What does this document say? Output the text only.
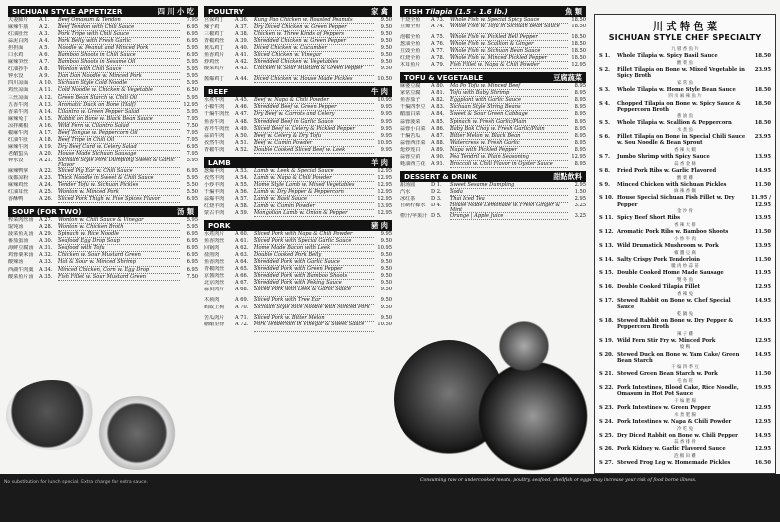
SICHUAN STYLE APPETIZER	四 川 小 吃
夫妻肺片	A 1.	Beef Omasum & Tendon	7.95
麻辣牛筋	A 2.	Beef Tendon with Chili Sauce	6.95
红油肚丝	A 3.	Pork Tripe with Chili Sauce	6.95
蒜泥白肉	A 4.	Pork Belly with Fresh Garlic	6.95
担担面	A 5.	Noodle w. Peanut and Minced Pork	5.95
口水鸡	A 6.	Bamboo Shoots in Chili Sauce	6.95
麻辣笋丝	A 7.	Bamboo Shoots in Sesame Oil	5.95
红油抄手	A 8.	Wonton with Chili Sauce	5.95
钟水饺	A 9.	Dan Dan Noodle w. Minced Pork	5.95
四川凉面	A 10.	Sichuan Style Cold Noodle	5.95
鸡丝凉面	A 11.	Cold Noodle w. Chicken & Vegetable	6.50
三丝凉面	A 12.	Green Bean Starch w. Chili Oil	5.95
五香牛肉	A 13.	Aromatic Duck on Bone (Half)	12.95
香菜牛肉	A 14.	Cilantro w. Green Pepper Salad	5.95
麻辣兔丁	A 15.	Rabbit on Bone w. Black Bean Sauce	7.95
凉拌蕨根	A 16.	Wild Fern w. Cilantro Salad	7.50
椒麻牛肉	A 17.	Beef Tongue w. Peppercorn Oil	7.95
红油牛肚	A 18.	Beef Tripe in Chili Oil	7.95
麻辣牛肉	A 19.	Dry Beef Curd w. Celery Salad	6.95
老醋蜇头	A 20.	House Made Sichuan Sausage	7.95
钟水饺	A 21.	Sichuan Style Pork Dumpling Sweet & Garlic Flavor
5.95
麻辣鸭掌	A 22.	Sliced Pig Ear w. Chili Sauce	6.95
成都凉粉	A 23.	Thick Noodle in Sweet & Chili Sauce	5.95
麻辣鸡丝	A 24.	Tender Tofu w. Sichuan Pickles	5.50
红油耳丝	A 25.	Wonton w. Minced Pork	5.50
香酥鸭	A 26.	Sliced Pork Thigh w. Five Spices Flavor	6.95
SOUP (FOR TWO)	汤 類
榨菜肉丝汤	A 27.	Wonton w. Chili Sauce & Vinegar	5.95
馄饨汤	A 28.	Wonton w. Chicken Broth	5.95
菠菜鱼丸汤	A 29.	Spinach w. Rice Noodle	6.95
番茄蛋汤	A 30.	Seafood Egg Drop Soup	6.95
海鲜豆腐汤	A 31.	Seafood with Tofu	6.95
鸡蓉粟米汤	A 32.	Chicken w. Sour Mustard Green	6.95
酸辣汤	A 33.	Hot & Sour w. Minced Shrimp	6.95
西湖牛肉羹	A 34.	Minced Chicken, Corn w. Egg Drop	6.95
酸菜鱼片汤	A 35.	Fish Fillet w. Sour Mustard Green	7.50
POULTRY	家 禽
宫保鸡丁	A 36.	Kung Pao Chicken w. Roasted Peanuts	9.50
辣子鸡	A 37.	Dry Diced Chicken w. Green Pepper	9.50
三椒鸡丁	A 38.	Chicken w. Three Kinds of Peppers	9.50
青椒鸡丝	A 39.	Shredded Chicken w. Green Pepper	9.50
黄瓜鸡丁	A 40.	Diced Chicken w. Cucumber	9.50
鱼香鸡片	A 41.	Sliced Chicken w. Vinegar	9.50
炒鸡丝	A 42.	Shredded Chicken w. Vegetables	9.50
酸菜鸡片	A 43.	Chicken w. Sour Mustard & Green Pepper	9.50
酱爆鸡丁	A 44.	Diced Chicken w. House Made Pickles	10.50
BEEF	牛 肉
水煮牛肉	A 45.	Beef w. Napa & Chili Powder	10.95
小椒牛肉	A 46.	Shredded Beef w. Green Pepper	9.95
干煸牛肉丝	A 47.	Dry Beef w. Carrots and Celery	9.95
鱼香牛肉	A 48.	Shredded Beef in Garlic Sauce	9.95
香芹牛肉丝	A 49.	Sliced Beef w. Celery & Pickled Pepper	9.95
蒜苗牛肉	A 50.	Beef w. Celery & Dry Tofu	9.95
孜然牛肉	A 51.	Beef w. Cumin Powder	10.95
青椒牛肉	A 52.	Double Cooked Sliced Beef w. Leek	9.95
LAMB	羊 肉
葱爆羊肉	A 53.	Lamb w. Leek & Special Sauce	12.95
孜然羊肉	A 54.	Lamb w. Napa & Chili Powder	12.95
小炒羊肉	A 55.	Home Style Lamb w. Mixed Vegetables	12.95
干煸羊肉	A 56.	Lamb w. Dry Pepper & Peppercorn	12.95
蒜爆羊肉	A 57.	Lamb w. Basil Sauce	12.95
红烧羊肉	A 58.	Lamb w. Cumin Powder	13.95
蒙古羊肉	A 59.	Mongolian Lamb w. Onion & Pepper	12.95
PORK	豬 肉
水煮肉片	A 60.	Sliced Pork with Napa & Chili Powder	9.95
鱼香肉丝	A 61.	Sliced Pork with Special Garlic Sauce	9.50
回锅肉	A 62.	Home Made Bacon with Leek	10.95
盐煎肉	A 63.	Double Cooked Pork Belly	9.50
鱼香肉丝	A 64.	Shredded Pork with Garlic Sauce	9.50
青椒肉丝	A 65.	Shredded Pork with Green Pepper	9.50
京酱肉丝	A 66.	Shredded Pork with Bamboo Shoots	9.50
北京肉丝	A 67.	Shredded Pork with Peking Sauce	9.50
蒜苗肉片	A 68.	Sliced Pork with Leek & Garlic Sauce	9.50
木须肉	A 69.	Sliced Pork with Tree Ear	9.50
蚂蚁上树	A 70.	Sichuan Style Rice Noodle with Minced Pork	9.50
苦瓜肉片	A 71.	Sliced Pork w. Bitter Melon	9.50
糖醋里脊	A 72.	Pork Tenderloin in Vinegar & Sweet Sauce	10.50
FISH Tilapia (1.5 - 1.6 lb.)	魚 類
干烧全鱼	A 73.	Whole Fish w. Special Spicy Sauce	18.50
豆瓣全鱼	A 74.	Whole Fish w. Tofu in Sichuan Bean Sauce	18.50
泡椒全鱼	A 75.	Whole Fish w. Pickled Bell Pepper	18.50
葱油全鱼	A 76.	Whole Fish w. Scallion & Ginger	18.50
豆豉全鱼	A 77.	Whole Fish w. Sichuan Bean Sauce	18.50
红烧全鱼	A 78.	Whole Fish w. Minced Pickled Pepper	18.50
木耳鱼片	A 79.	Fish Fillet w. Napa & Chili Powder	12.95
TOFU & VEGETABLE	豆腐蔬菜
麻婆豆腐	A 80.	Ma Po Tofu w. Minced Beef	8.95
家常豆腐	A 81.	Tofu with Baby Shrimp	8.95
鱼香茄子	A 82.	Eggplant with Garlic Sauce	8.95
干煸四季豆	A 83.	Sichuan Style String Beans	8.95
醋溜白菜	A 84.	Sweet & Sour Green Cabbage	8.95
蒜蓉菠菜	A 85.	Spinach w. Fresh Garlic/Plain	8.95
蒜蓉小白菜	A 86.	Baby Bok Choy w. Fresh Garlic/Plain	8.95
干煸苦瓜	A 87.	Bitter Melon w. Black Bean	8.95
蒜蓉西洋菜	A 88.	Watercress w. Fresh Garlic	8.95
炝炒莲白	A 89.	Napa with Pickled Pepper	8.95
蒜蓉豆苗	A 90.	Pea Tendril w. Plain Seasoning	12.95
蚝油西兰花	A 91.	Broccoli w. Chili Flavor in Oyster Sauce	8.95
DESSERT & DRINK	甜點飲料
甜汤圆	D 1.	Sweet Sesame Dumpling	2.95
汽水	D 2.	Soda	1.50
冰红茶	D 3.	Thai Iced Tea	2.95
自制柠檬水	D 4.	House Made Lemonade w. Fresh Ginger & Mint
3.25
橙汁/苹果汁 D 5.	Orange | Apple Juice	3.25
川 式 特 色 菜
SICHUAN STYLE CHEF SPECIALTY
九 層 香 魚 片
S 1.	Whole Tilapia w. Spicy Basil Sauce	18.50
酸 菜 魚
S 2.	Fillet Tilapia on Bone w. Mixed Vegetable in Spicy Broth
23.95
家 常 魚
S 3.	Whole Tilapia w. Home Style Bean Sauce	18.50
四 川 麻 辣 魚 片
S 4.	Chopped Tilapia on Bone w. Spicy Sauce & Peppercorn Broth
18.50
蔥 油 魚
S 5.	Whole Tilapia w. Scallion & Peppercorn	18.50
水 煮 魚
S 6.	Fillet Tilapia on Bone in Special Chili Sauce w. Sou Noodle & Bean Sprout
23.95
香 辣 大 蝦
S 7.	Jumbo Shrimp with Spicy Sauce	13.95
蒜 香 金 條
S 8.	Fried Pork Ribs w. Garlic Flavored	14.95
酸 菜 雞
S 9.	Minced Chicken with Sichuan Pickles	11.50
麻 辣 香 鍋
S 10. House Special Sichuan Fish Fillet w. Dry Pepper
11.95 / 12.95
金 沙 骨
S 11. Spicy Beef Short Ribs	13.95
香 辣 大 排
S 12. Aromatic Pork Ribs w. Bamboo Shoots	11.50
小 炒 牛 肉
S 13. Wild Drumstick Mushroom w. Pork	13.95
椒 鹽 豆 腐
S 14. Salty Crispy Pork Tenderloin	11.50
臘 肉 炒 蒜 苗
S 15. Double Cooked Home Made Sausage	11.95
雙 冬 魚
S 16. Double Cooked Tilapia Fillet	12.95
香 辣 兔
S 17. Stewed Rabbit on Bone w. Chef Special Sauce
14.95
乾 鍋 兔
S 18. Stewed Rabbit on Bone w. Dry Pepper & Peppercorn Broth
14.95
辣 子 雞
S 19. Wild Fern Stir Fry w. Minced Pork	12.95
燒 鴨
S 20. Stewed Duck on Bone w. Yam Cake/ Green Bean Starch
14.95
干 煸 四 季 豆
S 21. Stewed Green Bean Starch w. Pork	11.50
毛 血 旺
S 22. Pork Intestines, Blood Cake, Rice Noodle, Omasum in Hot Pot Sauce
19.95
干 煸 肥 腸
S 23. Pork Intestines w. Green Pepper	12.95
水 煮 肥 腸
S 24. Pork Intestines w. Napa & Chili Powder	12.95
冷 吃 兔
S 25. Dry Diced Rabbit on Bone w. Chili Pepper	14.95
蒜 香 排 骨
S 26. Pork Kidney w. Garlic Flavored Sauce	12.95
泡 椒 田 雞
S 27. Stewed Frog Leg w. Homemade Pickles	16.50
No substitution for lunch special. Extra charge for extra sauce.	Consuming raw or undercooked meats, poultry, seafood, shellfish or eggs may increase your risk of food borne illness.
